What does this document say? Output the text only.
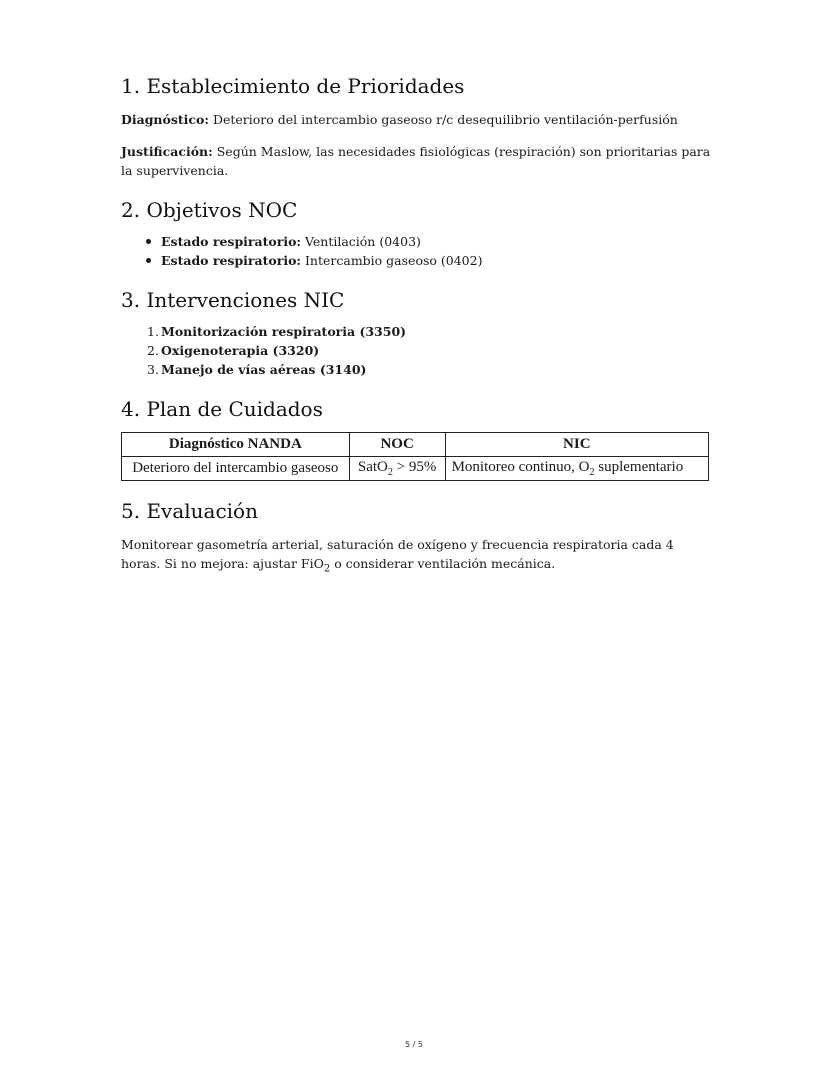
1. Establecimiento de Prioridades

Diagnóstico: Deterioro del intercambio gaseoso r/c desequilibrio ventilación-perfusión

Justificación: Según Maslow, las necesidades fisiológicas (respiración) son prioritarias para la supervivencia.

2. Objetivos NOC
Estado respiratorio: Ventilación (0403)
Estado respiratorio: Intercambio gaseoso (0402)
3. Intervenciones NIC
1. Monitorización respiratoria (3350)
2. Oxigenoterapia (3320)
3. Manejo de vías aéreas (3140)
4. Plan de Cuidados
Diagnóstico NANDA	NOC	NIC
Deterioro del intercambio gaseoso	SatO$_2$ > 95%	Monitoreo continuo, $O_2$ suplementario
5. Evaluación

Monitorear gasometría arterial, saturación de oxígeno y frecuencia respiratoria cada 4 horas. Si no mejora: ajustar FiO$_2$ o considerar ventilación mecánica.

5 / 5
